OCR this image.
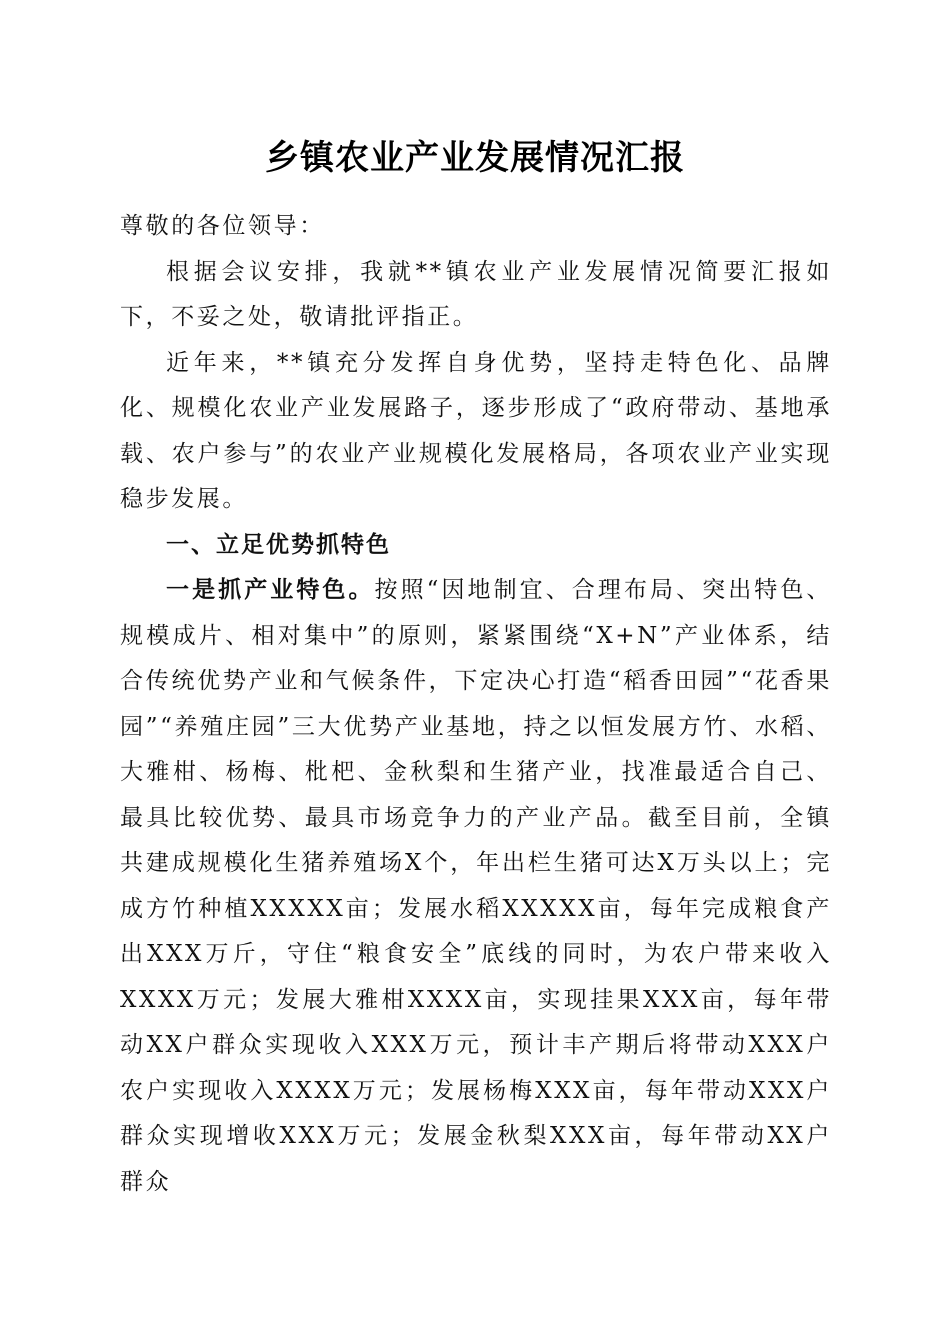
乡镇农业产业发展情况汇报

尊敬的各位领导：

根据会议安排，我就**镇农业产业发展情况简要汇报如下，不妥之处，敬请批评指正。

近年来，**镇充分发挥自身优势，坚持走特色化、品牌化、规模化农业产业发展路子，逐步形成了“政府带动、基地承载、农户参与”的农业产业规模化发展格局，各项农业产业实现稳步发展。

一、立足优势抓特色

一是抓产业特色。按照“因地制宜、合理布局、突出特色、规模成片、相对集中”的原则，紧紧围绕“X+N”产业体系，结合传统优势产业和气候条件，下定决心打造“稻香田园”“花香果园”“养殖庄园”三大优势产业基地，持之以恒发展方竹、水稻、大雅柑、杨梅、枇杷、金秋梨和生猪产业，找准最适合自己、最具比较优势、最具市场竞争力的产业产品。截至目前，全镇共建成规模化生猪养殖场X个，年出栏生猪可达X万头以上；完成方竹种植XXXXX亩；发展水稻XXXXX亩，每年完成粮食产出XXX万斤，守住“粮食安全”底线的同时，为农户带来收入XXXX万元；发展大雅柑XXXX亩，实现挂果XXX亩，每年带动XX户群众实现收入XXX万元，预计丰产期后将带动XXX户农户实现收入XXXX万元；发展杨梅XXX亩，每年带动XXX户群众实现增收XXX万元；发展金秋梨XXX亩，每年带动XX户群众
